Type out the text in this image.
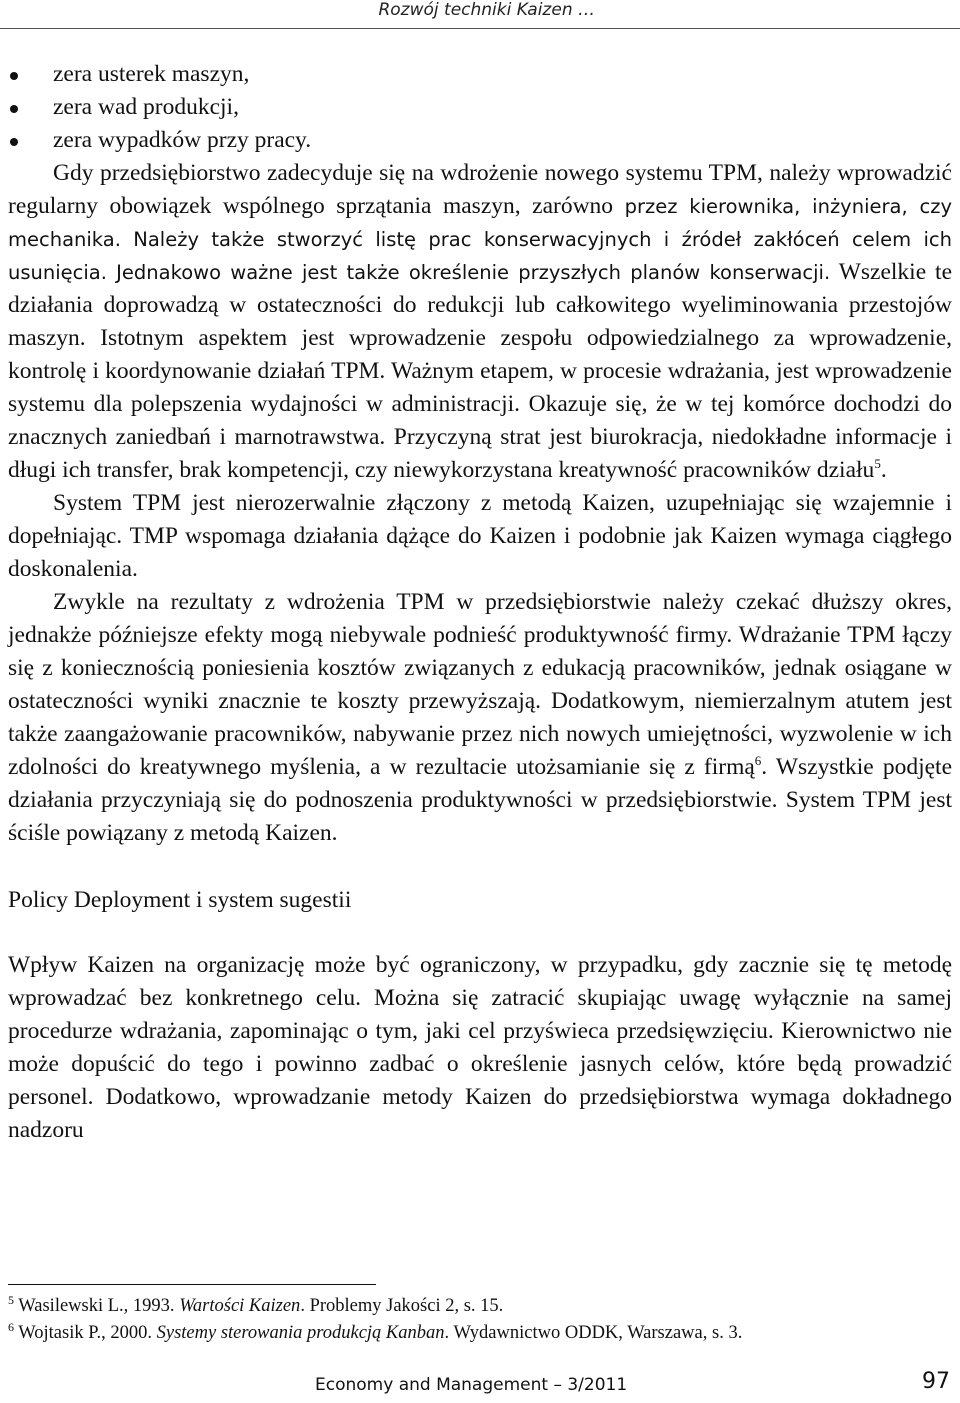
Rozwój techniki Kaizen …
zera usterek maszyn,
zera wad produkcji,
zera wypadków przy pracy.

Gdy przedsiębiorstwo zadecyduje się na wdrożenie nowego systemu TPM, należy wprowadzić regularny obowiązek wspólnego sprzątania maszyn, zarówno przez kierownika, inżyniera, czy mechanika. Należy także stworzyć listę prac konserwacyjnych i źródeł zakłóceń celem ich usunięcia. Jednakowo ważne jest także określenie przyszłych planów konserwacji. Wszelkie te działania doprowadzą w ostateczności do redukcji lub całkowitego wyeliminowania przestojów maszyn. Istotnym aspektem jest wprowadzenie zespołu odpowiedzialnego za wprowadzenie, kontrolę i koordynowanie działań TPM. Ważnym etapem, w procesie wdrażania, jest wprowadzenie systemu dla polepszenia wydajności w administracji. Okazuje się, że w tej komórce dochodzi do znacznych zaniedbań i marnotrawstwa. Przyczyną strat jest biurokracja, niedokładne informacje i długi ich transfer, brak kompetencji, czy niewykorzystana kreatywność pracowników działu$^5$.

System TPM jest nierozerwalnie złączony z metodą Kaizen, uzupełniając się wzajemnie i dopełniając. TMP wspomaga działania dążące do Kaizen i podobnie jak Kaizen wymaga ciągłego doskonalenia.

Zwykle na rezultaty z wdrożenia TPM w przedsiębiorstwie należy czekać dłuższy okres, jednakże późniejsze efekty mogą niebywale podnieść produktywność firmy. Wdrażanie TPM łączy się z koniecznością poniesienia kosztów związanych z edukacją pracowników, jednak osiągane w ostateczności wyniki znacznie te koszty przewyższają. Dodatkowym, niemierzalnym atutem jest także zaangażowanie pracowników, nabywanie przez nich nowych umiejętności, wyzwolenie w ich zdolności do kreatywnego myślenia, a w rezultacie utożsamianie się z firmą$^6$. Wszystkie podjęte działania przyczyniają się do podnoszenia produktywności w przedsiębiorstwie. System TPM jest ściśle powiązany z metodą Kaizen.

Policy Deployment i system sugestii

Wpływ Kaizen na organizację może być ograniczony, w przypadku, gdy zacznie się tę metodę wprowadzać bez konkretnego celu. Można się zatracić skupiając uwagę wyłącznie na samej procedurze wdrażania, zapominając o tym, jaki cel przyświeca przedsięwzięciu. Kierownictwo nie może dopuścić do tego i powinno zadbać o określenie jasnych celów, które będą prowadzić personel. Dodatkowo, wprowadzanie metody Kaizen do przedsiębiorstwa wymaga dokładnego nadzoru

$^5$ Wasilewski L., 1993. Wartości Kaizen. Problemy Jakości 2, s. 15.
$^6$ Wojtasik P., 2000. Systemy sterowania produkcją Kanban. Wydawnictwo ODDK, Warszawa, s. 3.
Economy and Management – 3/2011	97
